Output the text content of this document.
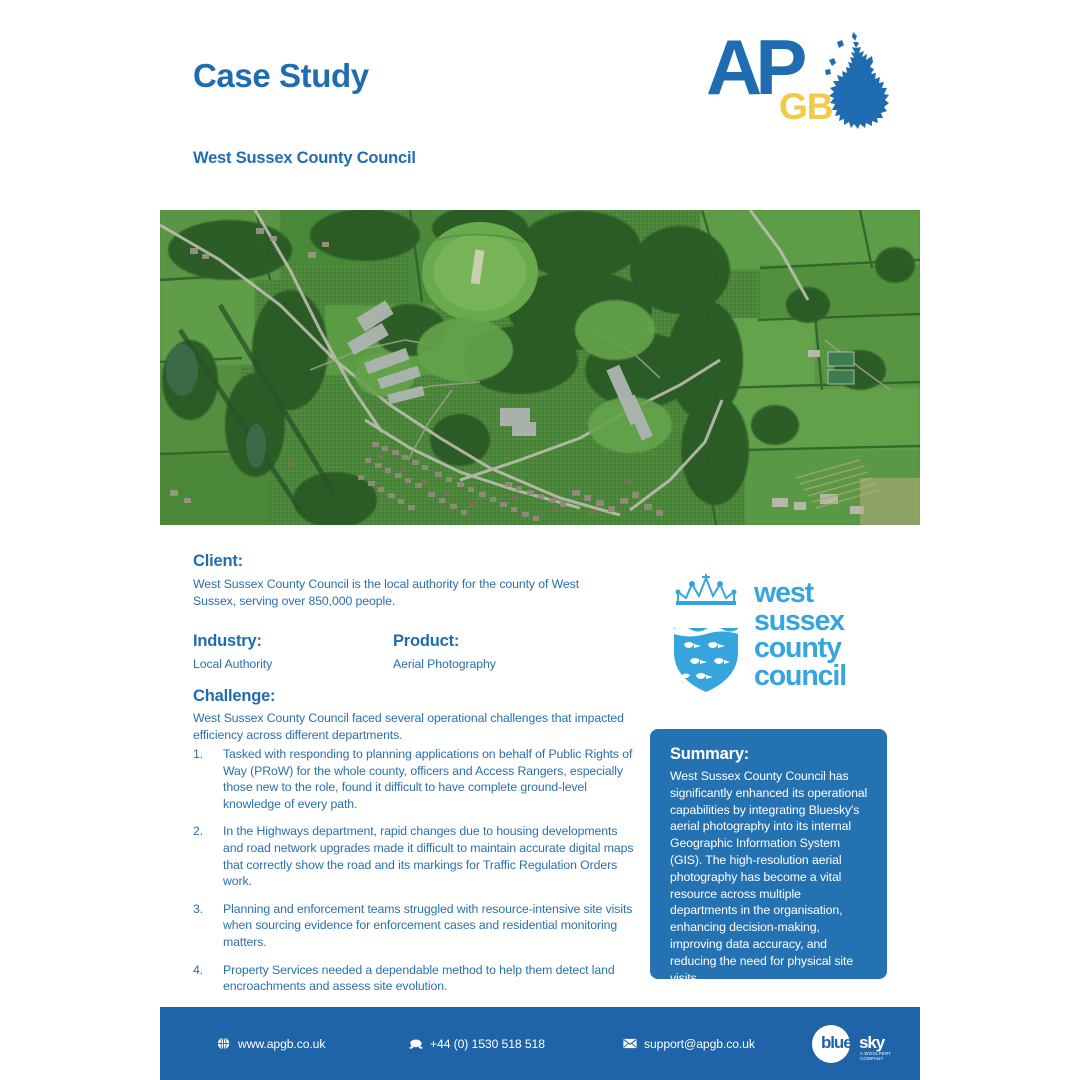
Case Study
West Sussex County Council
AP
GB
Client:
West Sussex County Council is the local authority for the county of West Sussex, serving over 850,000 people.
Industry:
Local Authority
Product:
Aerial Photography
Challenge:
West Sussex County Council faced several operational challenges that impacted efficiency across different departments.
1.	Tasked with responding to planning applications on behalf of Public Rights of Way (PRoW) for the whole county, officers and Access Rangers, especially those new to the role, found it difficult to have complete ground-level knowledge of every path.
2.	In the Highways department, rapid changes due to housing developments and road network upgrades made it difficult to maintain accurate digital maps that correctly show the road and its markings for Traffic Regulation Orders work.
3.	Planning and enforcement teams struggled with resource-intensive site visits when sourcing evidence for enforcement cases and residential monitoring matters.
4.	Property Services needed a dependable method to help them detect land encroachments and assess site evolution.
west
sussex
county
council
Summary:
West Sussex County Council has significantly enhanced its operational capabilities by integrating Bluesky's aerial photography into its internal Geographic Information System (GIS). The high-resolution aerial photography has become a vital resource across multiple departments in the organisation, enhancing decision-making, improving data accuracy, and reducing the need for physical site visits.
www.apgb.co.uk	+44 (0) 1530 518 518	support@apgb.co.uk	blue sky
A WOOLPERT COMPANY
